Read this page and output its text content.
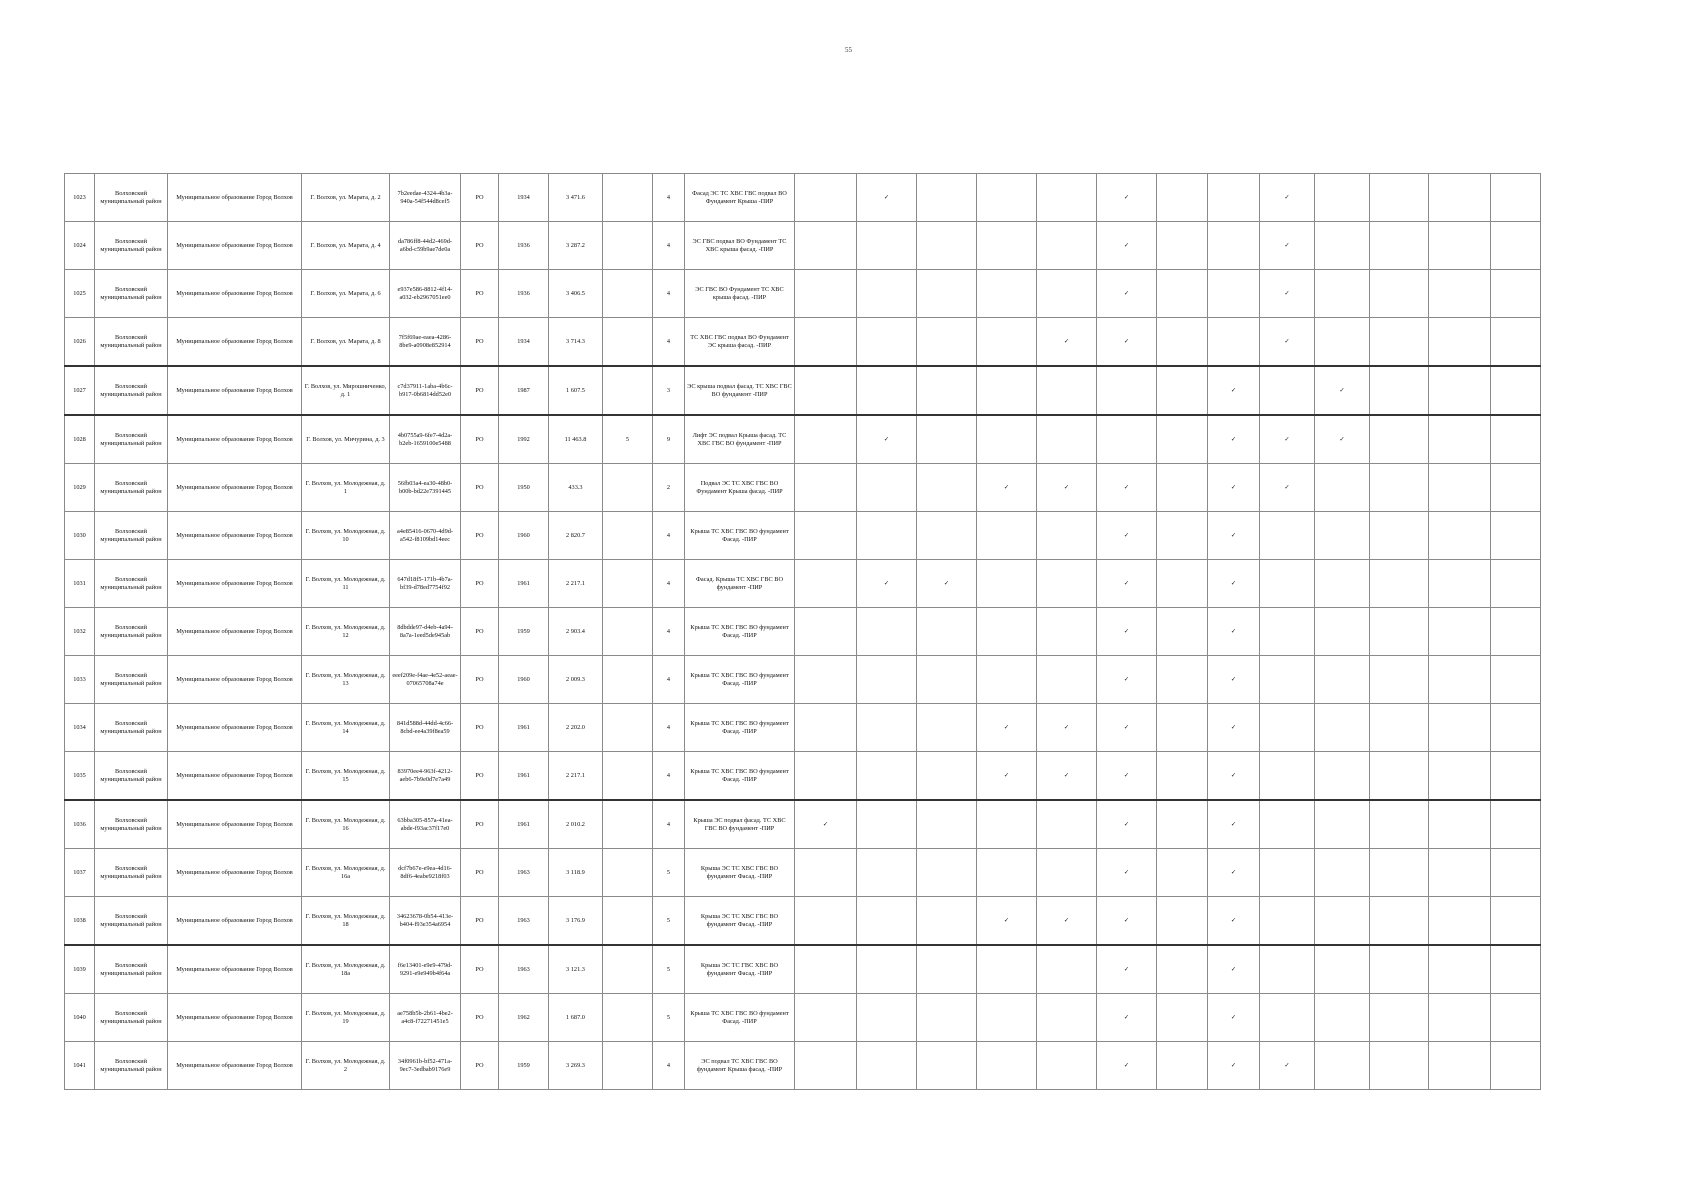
55
1023	Волховский муниципальный район	Муниципальное образование Город Волхов	Г. Волхов, ул. Марата, д. 2	7b2eedae-4324-4b3a-940a-54f544d8cef5	РО	1934	3 471.6		4	Фасад ЭС ТС ХВС ГВС подвал ВО Фундамент Крыша -ПИР		✓				✓			✓				
1024	Волховский муниципальный район	Муниципальное образование Город Волхов	Г. Волхов, ул. Марата, д. 4	da786ff8-44d2-469d-a6bd-c59b9ae7de0a	РО	1936	3 287.2		4	ЭС ГВС подвал ВО Фундамент ТС ХВС крыша фасад. -ПИР						✓			✓				
1025	Волховский муниципальный район	Муниципальное образование Город Волхов	Г. Волхов, ул. Марата, д. 6	e937e586-8812-4f14-a032-eb2967051ee0	РО	1936	3 406.5		4	ЭС ГВС ВО Фундамент ТС ХВС крыша фасад. -ПИР						✓			✓				
1026	Волховский муниципальный район	Муниципальное образование Город Волхов	Г. Волхов, ул. Марата, д. 8	7f5f69ae-eaea-4286-8be9-a0908e852914	РО	1934	3 714.3		4	ТС ХВС ГВС подвал ВО Фундамент ЭС крыша фасад. -ПИР					✓	✓			✓				
1027	Волховский муниципальный район	Муниципальное образование Город Волхов	Г. Волхов, ул. Мирошниченко, д. 1	c7d37911-1aba-4b6c-b917-0b6814dd52e0	РО	1987	1 607.5		3	ЭС крыша подвал фасад. ТС ХВС ГВС ВО фундамент -ПИР								✓		✓			
1028	Волховский муниципальный район	Муниципальное образование Город Волхов	Г. Волхов, ул. Мичурина, д. 3	4b0755a9-6fe7-4d2a-b2eb-1659100e5488	РО	1992	11 463.8	5	9	Лифт ЭС подвал Крыша фасад. ТС ХВС ГВС ВО фундамент -ПИР		✓						✓	✓	✓			
1029	Волховский муниципальный район	Муниципальное образование Город Волхов	Г. Волхов, ул. Молодежная, д. 1	56fb03a4-ea30-48b0-b00b-bd22e7391445	РО	1950	433.3		2	Подвал ЭС ТС ХВС ГВС ВО Фундамент Крыша фасад. -ПИР				✓	✓	✓		✓	✓				
1030	Волховский муниципальный район	Муниципальное образование Город Волхов	Г. Волхов, ул. Молодежная, д. 10	a4e85416-0670-4d9d-a542-f8109bd14eec	РО	1960	2 820.7		4	Крыша ТС ХВС ГВС ВО фундамент Фасад. -ПИР						✓		✓					
1031	Волховский муниципальный район	Муниципальное образование Город Волхов	Г. Волхов, ул. Молодежная, д. 11	647d18f5-171b-4b7a-bf39-d78ed7754f92	РО	1961	2 217.1		4	Фасад. Крыша ТС ХВС ГВС ВО фундамент -ПИР		✓	✓			✓		✓					
1032	Волховский муниципальный район	Муниципальное образование Город Волхов	Г. Волхов, ул. Молодежная, д. 12	8dbdde97-d4eb-4a94-8a7a-1eed5de945ab	РО	1959	2 903.4		4	Крыша ТС ХВС ГВС ВО фундамент Фасад. -ПИР						✓		✓					
1033	Волховский муниципальный район	Муниципальное образование Город Волхов	Г. Волхов, ул. Молодежная, д. 13	eeef209e-f4ae-4e52-aeae-07065708a74e	РО	1960	2 009.3		4	Крыша ТС ХВС ГВС ВО фундамент Фасад. -ПИР						✓		✓					
1034	Волховский муниципальный район	Муниципальное образование Город Волхов	Г. Волхов, ул. Молодежная, д. 14	841d588d-44dd-4c66-8cbd-ee4a39f8ea59	РО	1961	2 202.0		4	Крыша ТС ХВС ГВС ВО фундамент Фасад. -ПИР				✓	✓	✓		✓					
1035	Волховский муниципальный район	Муниципальное образование Город Волхов	Г. Волхов, ул. Молодежная, д. 15	83970ee4-963f-4212-aeb6-7b9e0d7e7a49	РО	1961	2 217.1		4	Крыша ТС ХВС ГВС ВО фундамент Фасад. -ПИР				✓	✓	✓		✓					
1036	Волховский муниципальный район	Муниципальное образование Город Волхов	Г. Волхов, ул. Молодежная, д. 16	63bba305-857a-41ea-abde-f93ac37f17e0	РО	1961	2 010.2		4	Крыша ЭС подвал фасад. ТС ХВС ГВС ВО фундамент -ПИР	✓					✓		✓					
1037	Волховский муниципальный район	Муниципальное образование Город Волхов	Г. Волхов, ул. Молодежная, д. 16а	dcf7b67e-e9ea-4d16-8df6-4eabe9218f03	РО	1963	3 118.9		5	Крыша ЭС ТС ХВС ГВС ВО фундамент Фасад. -ПИР						✓		✓					
1038	Волховский муниципальный район	Муниципальное образование Город Волхов	Г. Волхов, ул. Молодежная, д. 18	34623678-0b54-413e-b404-f93e354a6954	РО	1963	3 176.9		5	Крыша ЭС ТС ХВС ГВС ВО фундамент Фасад. -ПИР				✓	✓	✓		✓					
1039	Волховский муниципальный район	Муниципальное образование Город Волхов	Г. Волхов, ул. Молодежная, д. 18а	f6e13401-e9e9-479d-9291-e9e949b4f64a	РО	1963	3 121.3		5	Крыша ЭС ТС ГВС ХВС ВО фундамент Фасад. -ПИР						✓		✓					
1040	Волховский муниципальный район	Муниципальное образование Город Волхов	Г. Волхов, ул. Молодежная, д. 19	ae758b5b-2b61-4be2-a4c8-f72271451e5	РО	1962	1 687.0		5	Крыша ТС ХВС ГВС ВО фундамент Фасад. -ПИР						✓		✓					
1041	Волховский муниципальный район	Муниципальное образование Город Волхов	Г. Волхов, ул. Молодежная, д. 2	34f0961b-bf52-471a-9ec7-3edbab9176e9	РО	1959	3 269.3		4	ЭС подвал ТС ХВС ГВС ВО фундамент Крыша фасад. -ПИР						✓		✓	✓				
